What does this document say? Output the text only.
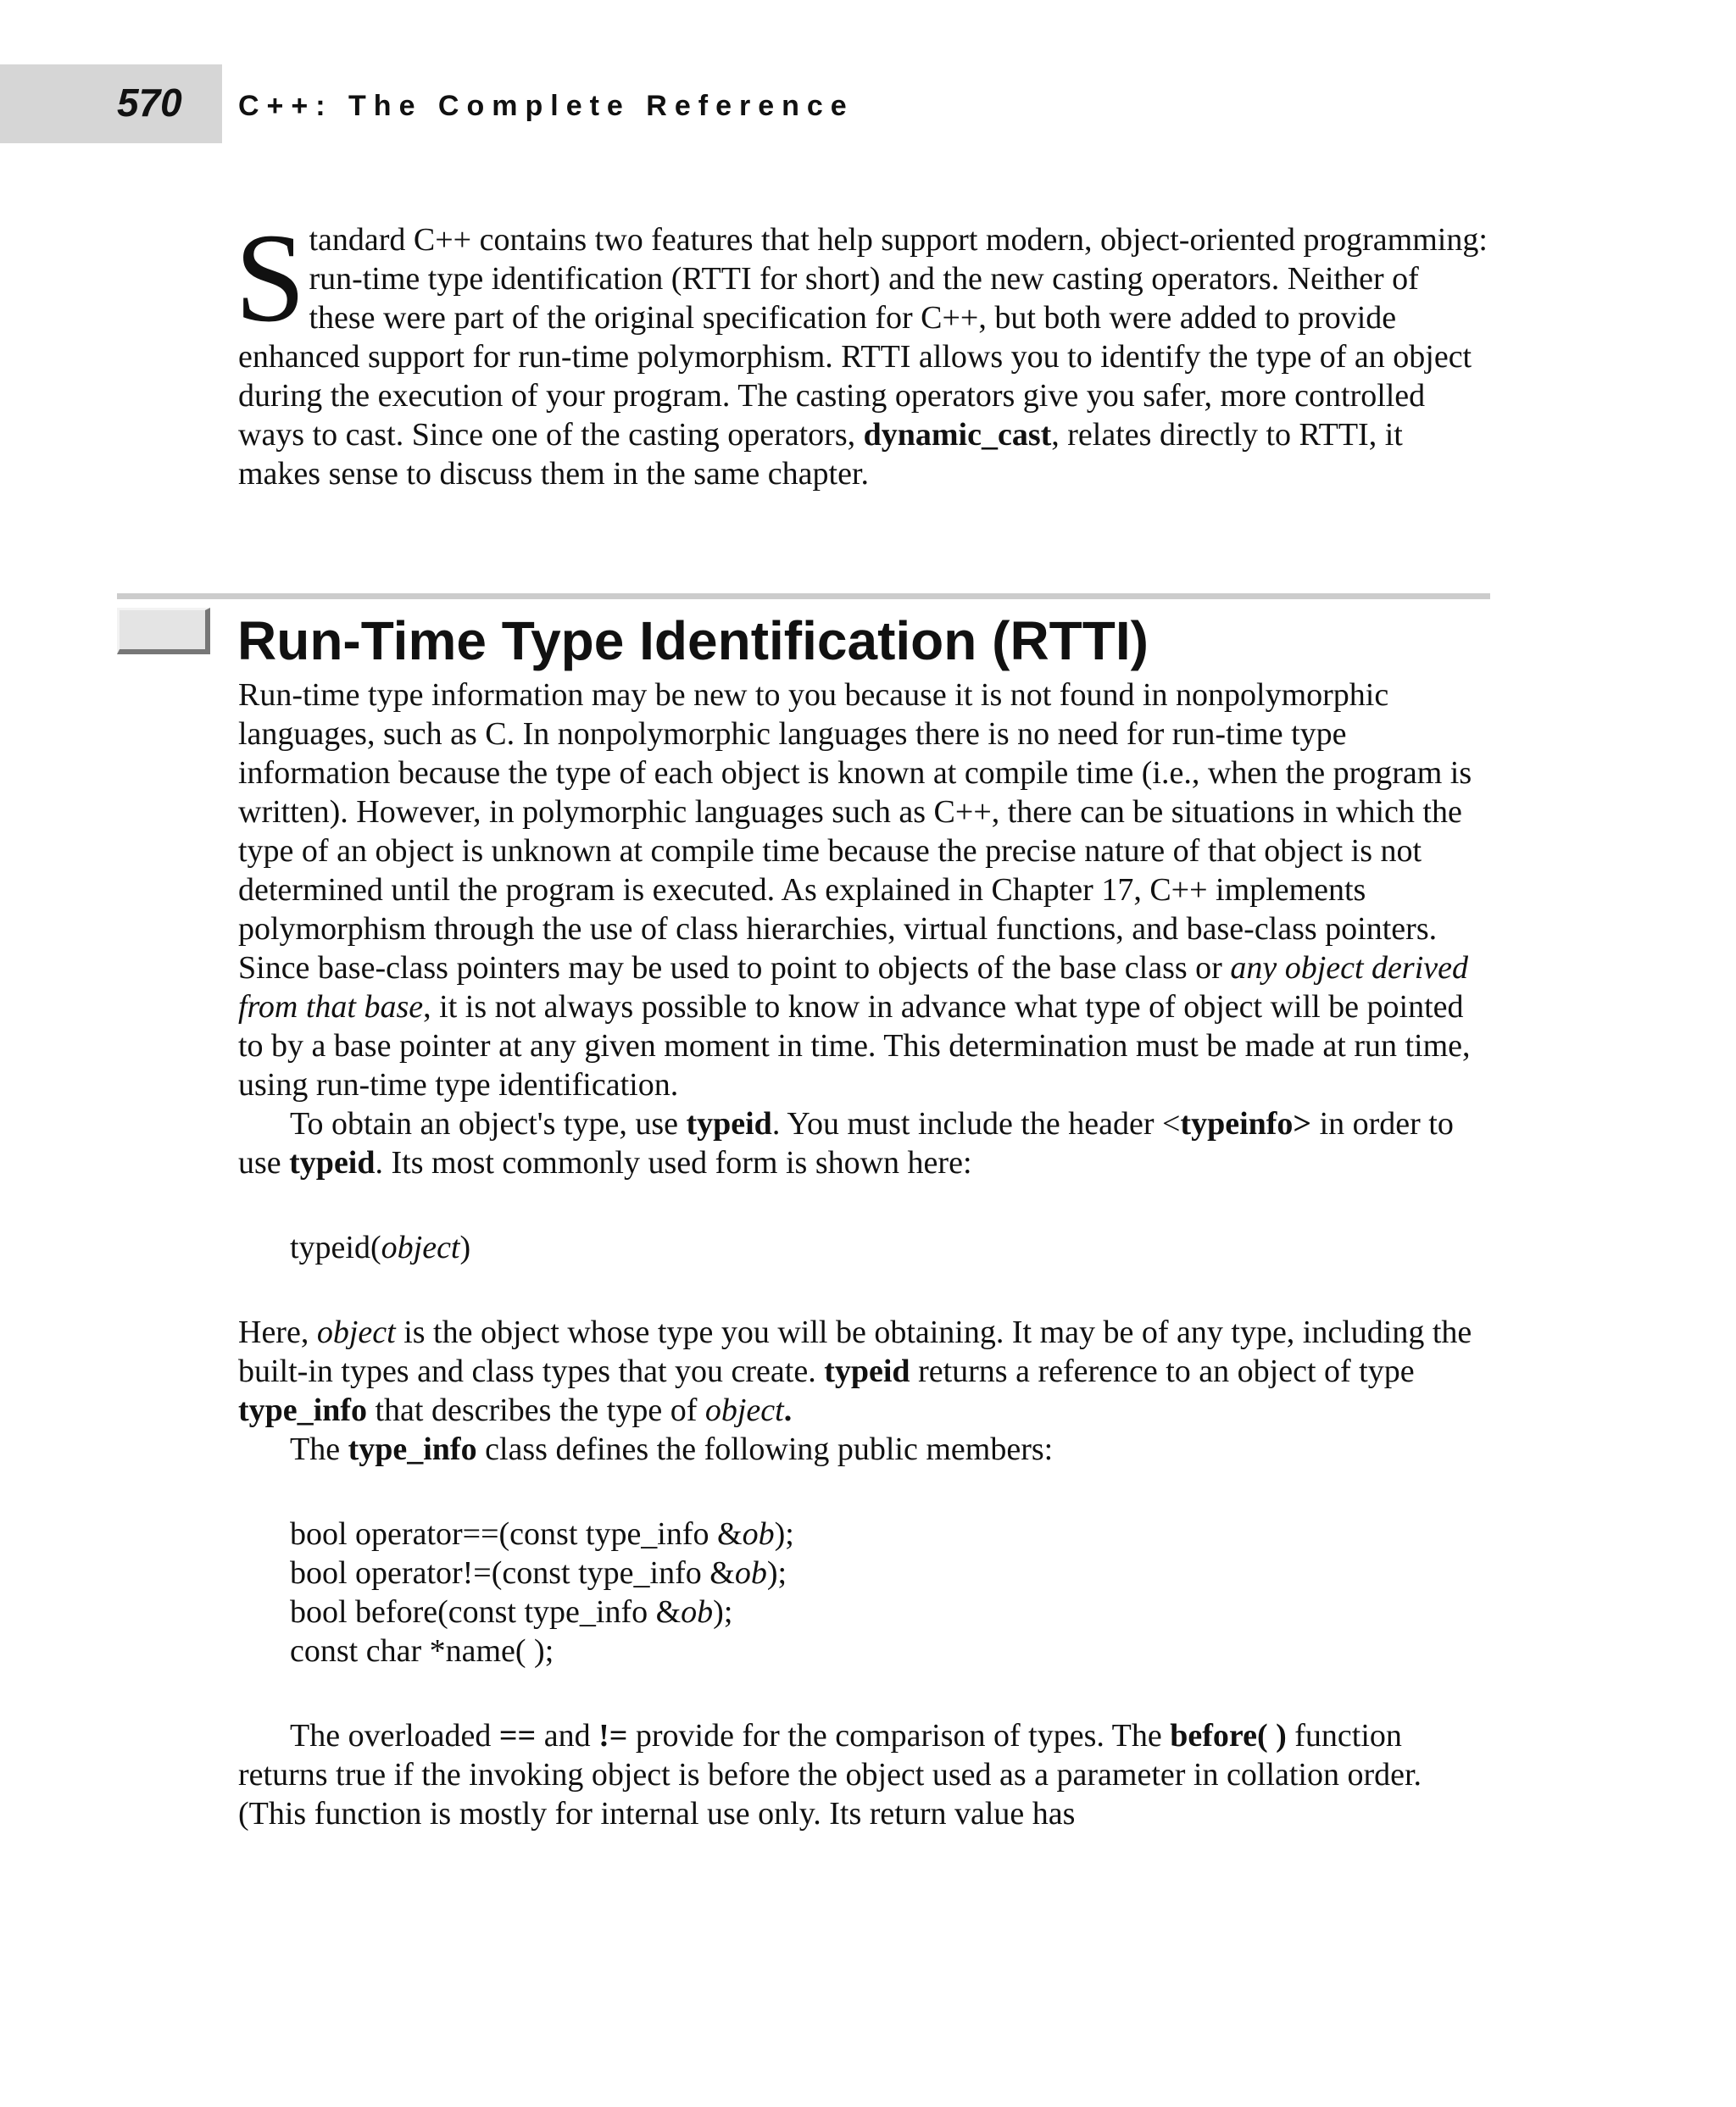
570 C++: The Complete Reference
Standard C++ contains two features that help support modern, object-oriented programming: run-time type identification (RTTI for short) and the new casting operators. Neither of these were part of the original specification for C++, but both were added to provide enhanced support for run-time polymorphism. RTTI allows you to identify the type of an object during the execution of your program. The casting operators give you safer, more controlled ways to cast. Since one of the casting operators, dynamic_cast, relates directly to RTTI, it makes sense to discuss them in the same chapter.
Run-Time Type Identification (RTTI)

Run-time type information may be new to you because it is not found in nonpolymorphic languages, such as C. In nonpolymorphic languages there is no need for run-time type information because the type of each object is known at compile time (i.e., when the program is written). However, in polymorphic languages such as C++, there can be situations in which the type of an object is unknown at compile time because the precise nature of that object is not determined until the program is executed. As explained in Chapter 17, C++ implements polymorphism through the use of class hierarchies, virtual functions, and base-class pointers. Since base-class pointers may be used to point to objects of the base class or any object derived from that base, it is not always possible to know in advance what type of object will be pointed to by a base pointer at any given moment in time. This determination must be made at run time, using run-time type identification.

To obtain an object's type, use typeid. You must include the header <typeinfo> in order to use typeid. Its most commonly used form is shown here:

typeid(object)

Here, object is the object whose type you will be obtaining. It may be of any type, including the built-in types and class types that you create. typeid returns a reference to an object of type type_info that describes the type of object.

The type_info class defines the following public members:

bool operator==(const type_info &ob);

bool operator!=(const type_info &ob);

bool before(const type_info &ob);

const char *name( );

The overloaded == and != provide for the comparison of types. The before( ) function returns true if the invoking object is before the object used as a parameter in collation order. (This function is mostly for internal use only. Its return value has
